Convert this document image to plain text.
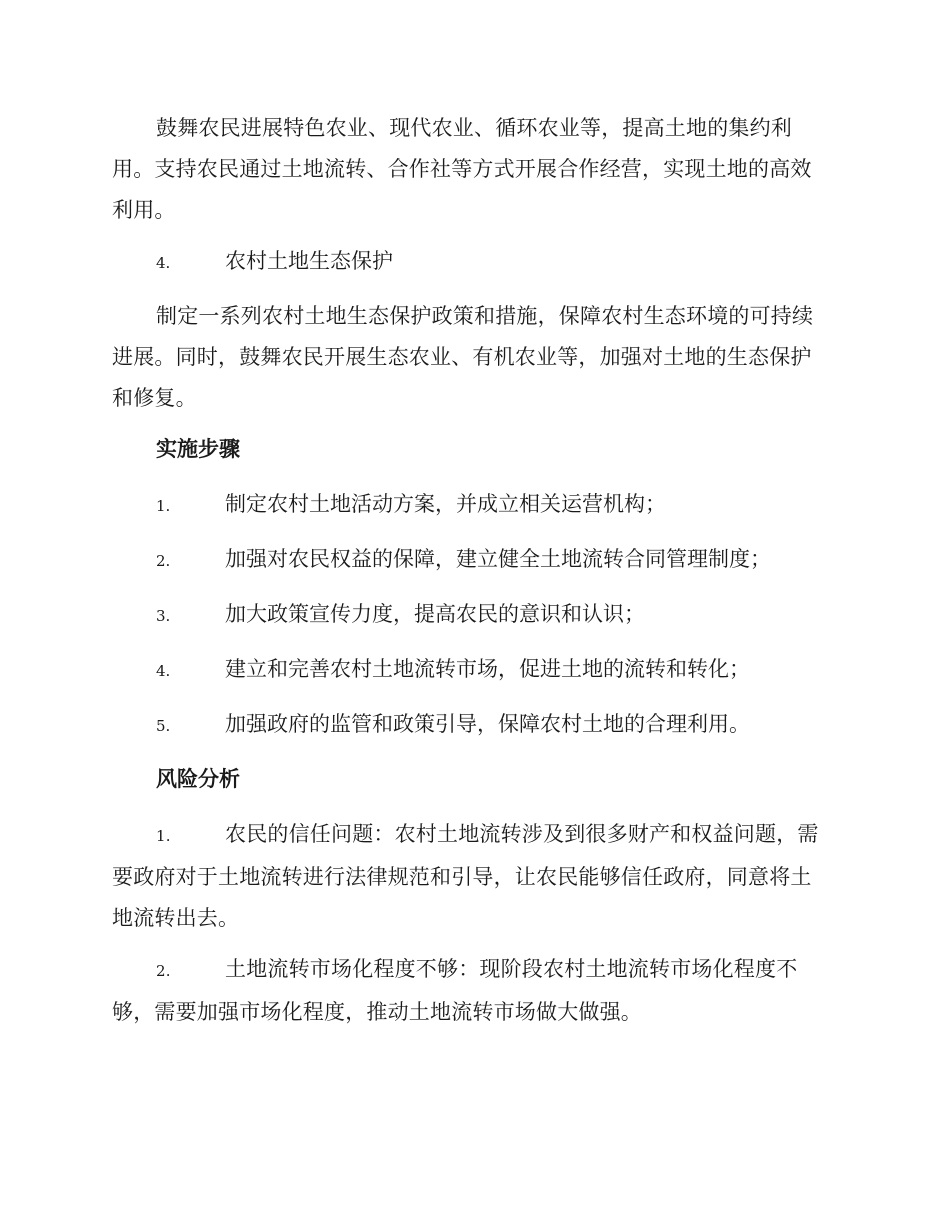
鼓舞农民进展特色农业、现代农业、循环农业等，提高土地的集约利用。支持农民通过土地流转、合作社等方式开展合作经营，实现土地的高效利用。

4.	农村土地生态保护

制定一系列农村土地生态保护政策和措施，保障农村生态环境的可持续进展。同时，鼓舞农民开展生态农业、有机农业等，加强对土地的生态保护和修复。

实施步骤
1.	制定农村土地活动方案，并成立相关运营机构；
2.	加强对农民权益的保障，建立健全土地流转合同管理制度；
3.	加大政策宣传力度，提高农民的意识和认识；
4.	建立和完善农村土地流转市场，促进土地的流转和转化；
5.	加强政府的监管和政策引导，保障农村土地的合理利用。
风险分析

1.	农民的信任问题：农村土地流转涉及到很多财产和权益问题，需要政府对于土地流转进行法律规范和引导，让农民能够信任政府，同意将土地流转出去。

2.	土地流转市场化程度不够：现阶段农村土地流转市场化程度不够，需要加强市场化程度，推动土地流转市场做大做强。
